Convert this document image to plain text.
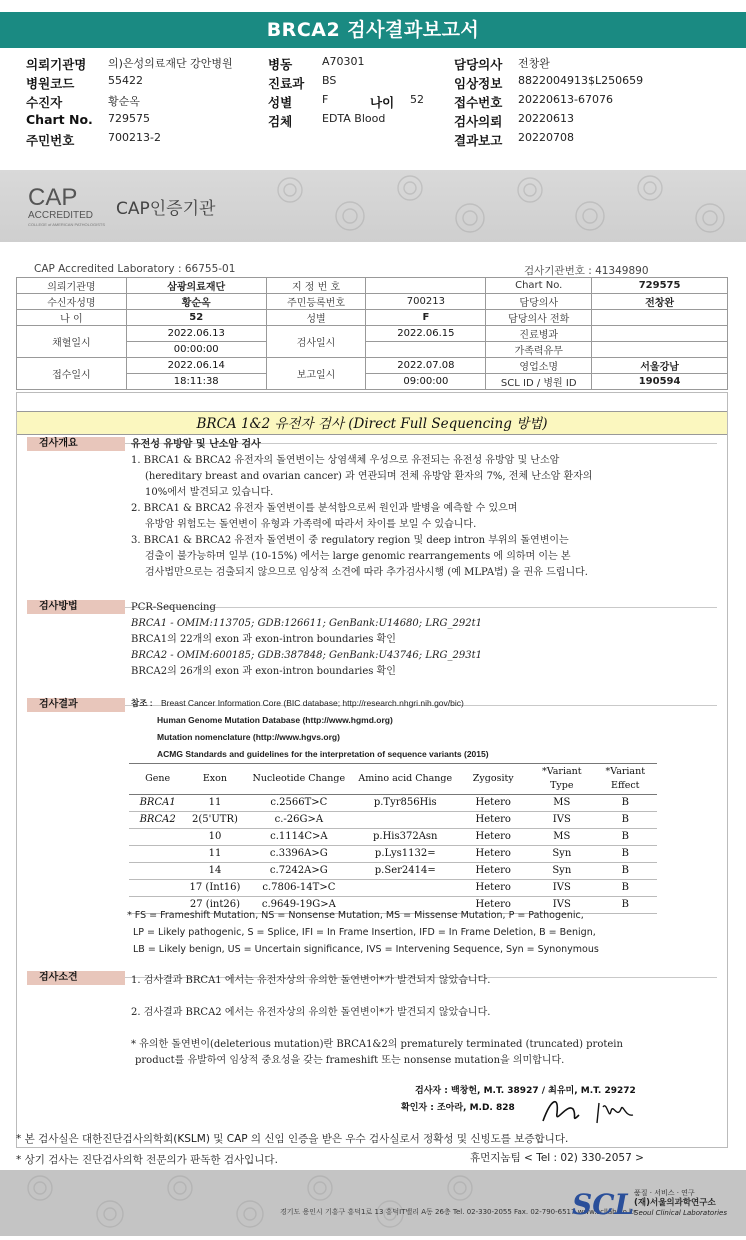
BRCA2 검사결과보고서
의뢰기관명 의)은성의료재단 강안병원	병동	A70301	담당의사 전창완
병원코드	55422	진료과 BS	임상정보 8822004913$L250659
수진자	황순옥	성별	F	나이 52 접수번호 20220613-67076
Chart No. 729575	검체	EDTA Blood	검사의뢰 20220613
주민번호	700213-2	결과보고 20220708
CAP
ACCREDITED
COLLEGE of AMERICAN PATHOLOGISTS
CAP인증기관
CAP Accredited Laboratory : 66755-01	검사기관번호 : 41349890
의뢰기관명	삼광의료재단	지 정 번 호		Chart No.	729575
수신자성명	황순옥	주민등록번호	700213	담당의사	전창완
나 이	52	성별	F	담당의사 전화	
채혈일시	2022.06.13	검사일시	2022.06.15	진료병과	
	00:00:00			가족력유무	
접수일시	2022.06.14	보고일시	2022.07.08	영업소명	서울강남
	18:11:38		09:00:00	SCL ID / 병원 ID	190594
BRCA 1&2 유전자 검사 (Direct Full Sequencing 방법)
검사개요	유전성 유방암 및 난소암 검사
1. BRCA1 & BRCA2 유전자의 돌연변이는 상염색체 우성으로 유전되는 유전성 유방암 및 난소암
(hereditary breast and ovarian cancer) 과 연관되며 전체 유방암 환자의 7%, 전체 난소암 환자의
10%에서 발견되고 있습니다.
2. BRCA1 & BRCA2 유전자 돌연변이를 분석함으로써 원인과 발병을 예측할 수 있으며
유방암 위험도는 돌연변이 유형과 가족력에 따라서 차이를 보일 수 있습니다.
3. BRCA1 & BRCA2 유전자 돌연변이 중 regulatory region 및 deep intron 부위의 돌연변이는
검출이 불가능하며 일부 (10-15%) 에서는 large genomic rearrangements 에 의하며 이는 본
검사법만으로는 검출되지 않으므로 임상적 소견에 따라 추가검사시행 (예 MLPA법) 을 권유 드립니다.
검사방법	PCR-Sequencing
BRCA1 - OMIM:113705; GDB:126611; GenBank:U14680; LRG_292t1
BRCA1의 22개의 exon 과 exon-intron boundaries 확인
BRCA2 - OMIM:600185; GDB:387848; GenBank:U43746; LRG_293t1
BRCA2의 26개의 exon 과 exon-intron boundaries 확인
검사결과	참조 : Breast Cancer Information Core (BIC database; http://research.nhgri.nih.gov/bic)
Human Genome Mutation Database (http://www.hgmd.org)
Mutation nomenclature (http://www.hgvs.org)
ACMG Standards and guidelines for the interpretation of sequence variants (2015)
Gene	Exon	Nucleotide Change	Amino acid Change	Zygosity	*Variant Type	*Variant Effect
BRCA1	11	c.2566T>C	p.Tyr856His	Hetero	MS	B
BRCA2	2(5'UTR)	c.-26G>A		Hetero	IVS	B
	10	c.1114C>A	p.His372Asn	Hetero	MS	B
	11	c.3396A>G	p.Lys1132=	Hetero	Syn	B
	14	c.7242A>G	p.Ser2414=	Hetero	Syn	B
	17 (Int16)	c.7806-14T>C		Hetero	IVS	B
	27 (int26)	c.9649-19G>A		Hetero	IVS	B
* FS = Frameshift Mutation, NS = Nonsense Mutation, MS = Missense Mutation, P = Pathogenic,
LP = Likely pathogenic, S = Splice, IFI = In Frame Insertion, IFD = In Frame Deletion, B = Benign,
LB = Likely benign, US = Uncertain significance, IVS = Intervening Sequence, Syn = Synonymous
검사소견	1. 검사결과 BRCA1 에서는 유전자상의 유의한 돌연변이*가 발견되지 않았습니다.
2. 검사결과 BRCA2 에서는 유전자상의 유의한 돌연변이*가 발견되지 않았습니다.
* 유의한 돌연변이(deleterious mutation)란 BRCA1&2의 prematurely terminated (truncated) protein
product를 유발하여 임상적 중요성을 갖는 frameshift 또는 nonsense mutation을 의미합니다.
검사자 : 백창헌, M.T. 38927 / 최유미, M.T. 29272
확인자 : 조아라, M.D. 828
* 본 검사실은 대한진단검사의학회(KSLM) 및 CAP 의 신임 인증을 받은 우수 검사실로서 정확성 및 신빙도를 보증합니다.
* 상기 검사는 진단검사의학 전문의가 판독한 검사입니다.	휴먼지놈팀 < Tel : 02) 330-2057 >
경기도 용인시 기흥구 흥덕1로 13 흥덕IT밸리 A동 26층 Tel. 02-330-2055 Fax. 02-790-6517 www.scllab.co.kr
SCL 품질 · 서비스 · 연구
(재)서울의과학연구소
Seoul Clinical Laboratories
